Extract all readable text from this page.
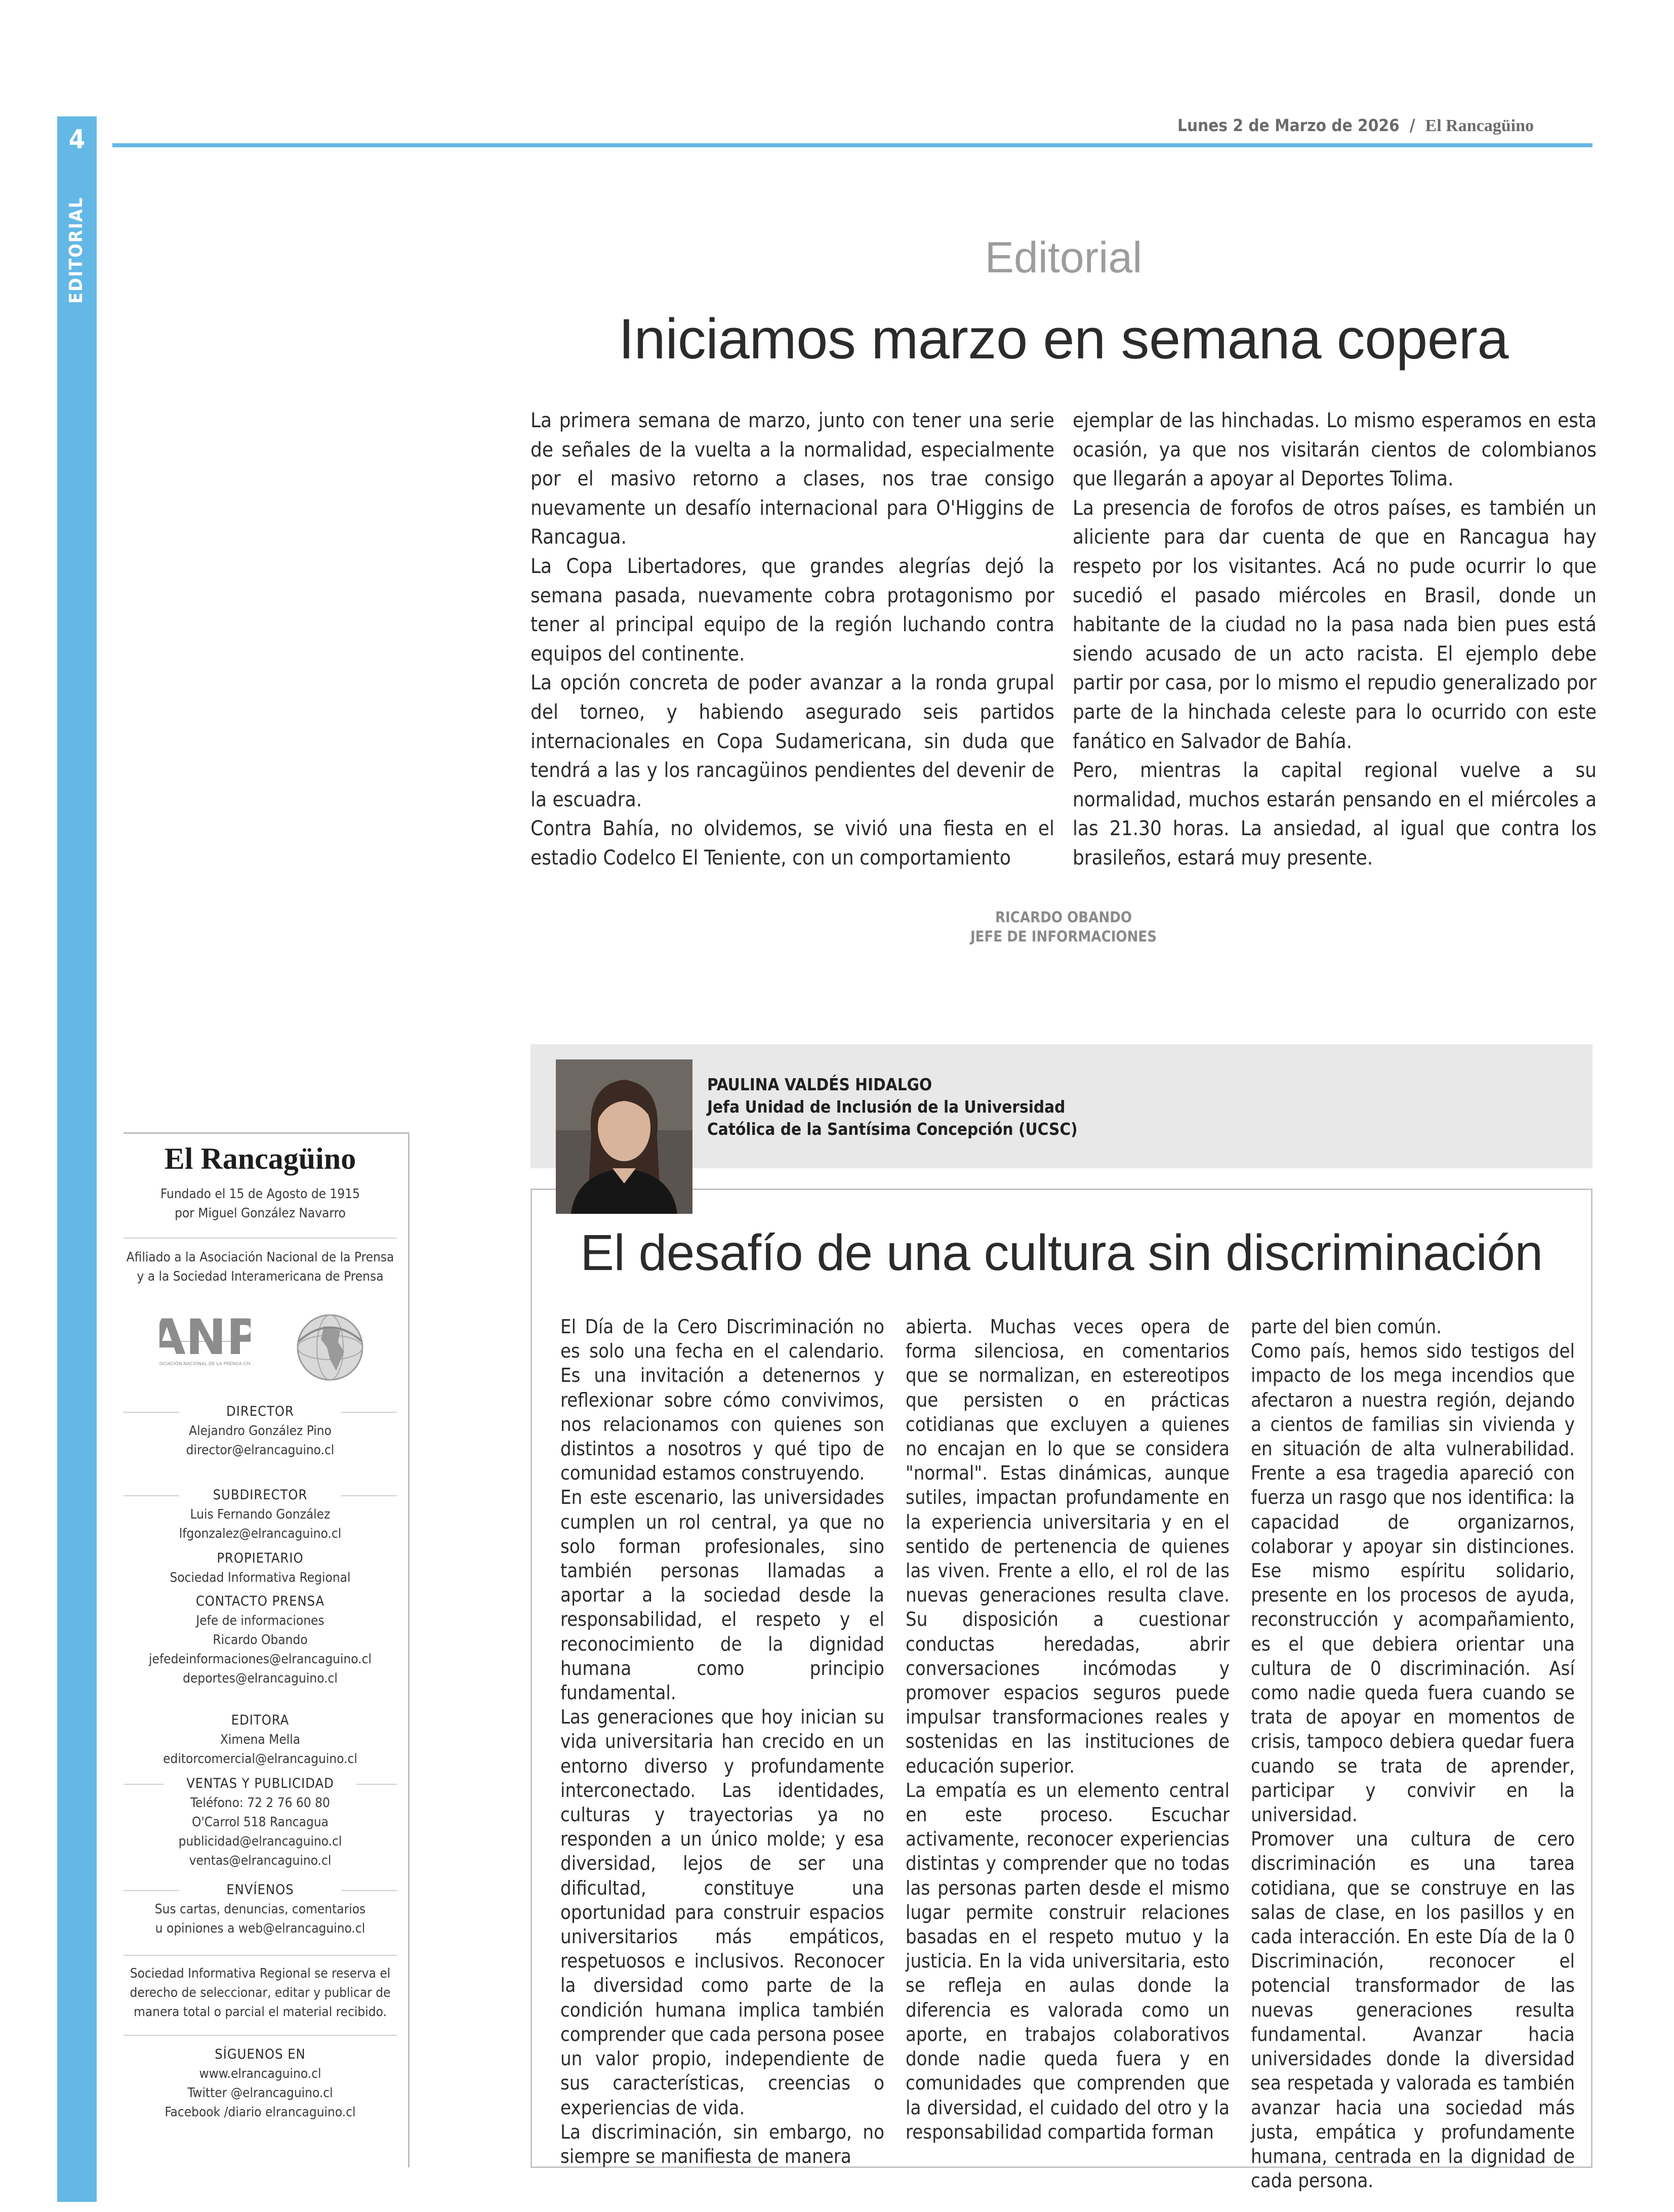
4
EDITORIAL
Lunes 2 de Marzo de 2026 / El Rancagüino
Editorial
Iniciamos marzo en semana copera

La primera semana de marzo, junto con tener una serie de señales de la vuelta a la normalidad, especialmente por el masivo retorno a clases, nos trae consigo nuevamente un desafío internacional para O'Higgins de Rancagua.

La Copa Libertadores, que grandes alegrías dejó la semana pasada, nuevamente cobra protagonismo por tener al principal equipo de la región luchando contra equipos del continente.

La opción concreta de poder avanzar a la ronda grupal del torneo, y habiendo asegurado seis partidos internacionales en Copa Sudamericana, sin duda que tendrá a las y los rancagüinos pendientes del devenir de la escuadra.

Contra Bahía, no olvidemos, se vivió una fiesta en el estadio Codelco El Teniente, con un comportamiento

ejemplar de las hinchadas. Lo mismo esperamos en esta ocasión, ya que nos visitarán cientos de colombianos que llegarán a apoyar al Deportes Tolima.

La presencia de forofos de otros países, es también un aliciente para dar cuenta de que en Rancagua hay respeto por los visitantes. Acá no pude ocurrir lo que sucedió el pasado miércoles en Brasil, donde un habitante de la ciudad no la pasa nada bien pues está siendo acusado de un acto racista. El ejemplo debe partir por casa, por lo mismo el repudio generalizado por parte de la hinchada celeste para lo ocurrido con este fanático en Salvador de Bahía.

Pero, mientras la capital regional vuelve a su normalidad, muchos estarán pensando en el miércoles a las 21.30 horas. La ansiedad, al igual que contra los brasileños, estará muy presente.

RICARDO OBANDO
JEFE DE INFORMACIONES
El Rancagüino
Fundado el 15 de Agosto de 1915
por Miguel González Navarro
Afiliado a la Asociación Nacional de la Prensa
y a la Sociedad Interamericana de Prensa
ANP
OCIACIÓN NACIONAL DE LA PRENSA CH
DIRECTOR
Alejandro González Pino
director@elrancaguino.cl
SUBDIRECTOR
Luis Fernando González
lfgonzalez@elrancaguino.cl
PROPIETARIO
Sociedad Informativa Regional
CONTACTO PRENSA
Jefe de informaciones
Ricardo Obando
jefedeinformaciones@elrancaguino.cl
deportes@elrancaguino.cl
EDITORA
Ximena Mella
editorcomercial@elrancaguino.cl
VENTAS Y PUBLICIDAD
Teléfono: 72 2 76 60 80
O'Carrol 518 Rancagua
publicidad@elrancaguino.cl
ventas@elrancaguino.cl
ENVÍENOS
Sus cartas, denuncias, comentarios
u opiniones a web@elrancaguino.cl
Sociedad Informativa Regional se reserva el
derecho de seleccionar, editar y publicar de
manera total o parcial el material recibido.
SÍGUENOS EN
www.elrancaguino.cl
Twitter @elrancaguino.cl
Facebook /diario elrancaguino.cl
PAULINA VALDÉS HIDALGO
Jefa Unidad de Inclusión de la Universidad
Católica de la Santísima Concepción (UCSC)
El desafío de una cultura sin discriminación

El Día de la Cero Discriminación no es solo una fecha en el calendario. Es una invitación a detenernos y reflexionar sobre cómo convivimos, nos relacionamos con quienes son distintos a nosotros y qué tipo de comunidad estamos construyendo.

En este escenario, las universidades cumplen un rol central, ya que no solo forman profesionales, sino también personas llamadas a aportar a la sociedad desde la responsabilidad, el respeto y el reconocimiento de la dignidad humana como principio fundamental.

Las generaciones que hoy inician su vida universitaria han crecido en un entorno diverso y profundamente interconectado. Las identidades, culturas y trayectorias ya no responden a un único molde; y esa diversidad, lejos de ser una dificultad, constituye una oportunidad para construir espacios universitarios más empáticos, respetuosos e inclusivos. Reconocer la diversidad como parte de la condición humana implica también comprender que cada persona posee un valor propio, independiente de sus características, creencias o experiencias de vida.

La discriminación, sin embargo, no siempre se manifiesta de manera

abierta. Muchas veces opera de forma silenciosa, en comentarios que se normalizan, en estereotipos que persisten o en prácticas cotidianas que excluyen a quienes no encajan en lo que se considera "normal". Estas dinámicas, aunque sutiles, impactan profundamente en la experiencia universitaria y en el sentido de pertenencia de quienes las viven. Frente a ello, el rol de las nuevas generaciones resulta clave. Su disposición a cuestionar conductas heredadas, abrir conversaciones incómodas y promover espacios seguros puede impulsar transformaciones reales y sostenidas en las instituciones de educación superior.

La empatía es un elemento central en este proceso. Escuchar activamente, reconocer experiencias distintas y comprender que no todas las personas parten desde el mismo lugar permite construir relaciones basadas en el respeto mutuo y la justicia. En la vida universitaria, esto se refleja en aulas donde la diferencia es valorada como un aporte, en trabajos colaborativos donde nadie queda fuera y en comunidades que comprenden que la diversidad, el cuidado del otro y la responsabilidad compartida forman

parte del bien común.

Como país, hemos sido testigos del impacto de los mega incendios que afectaron a nuestra región, dejando a cientos de familias sin vivienda y en situación de alta vulnerabilidad. Frente a esa tragedia apareció con fuerza un rasgo que nos identifica: la capacidad de organizarnos, colaborar y apoyar sin distinciones. Ese mismo espíritu solidario, presente en los procesos de ayuda, reconstrucción y acompañamiento, es el que debiera orientar una cultura de 0 discriminación. Así como nadie queda fuera cuando se trata de apoyar en momentos de crisis, tampoco debiera quedar fuera cuando se trata de aprender, participar y convivir en la universidad.

Promover una cultura de cero discriminación es una tarea cotidiana, que se construye en las salas de clase, en los pasillos y en cada interacción. En este Día de la 0 Discriminación, reconocer el potencial transformador de las nuevas generaciones resulta fundamental. Avanzar hacia universidades donde la diversidad sea respetada y valorada es también avanzar hacia una sociedad más justa, empática y profundamente humana, centrada en la dignidad de cada persona.
